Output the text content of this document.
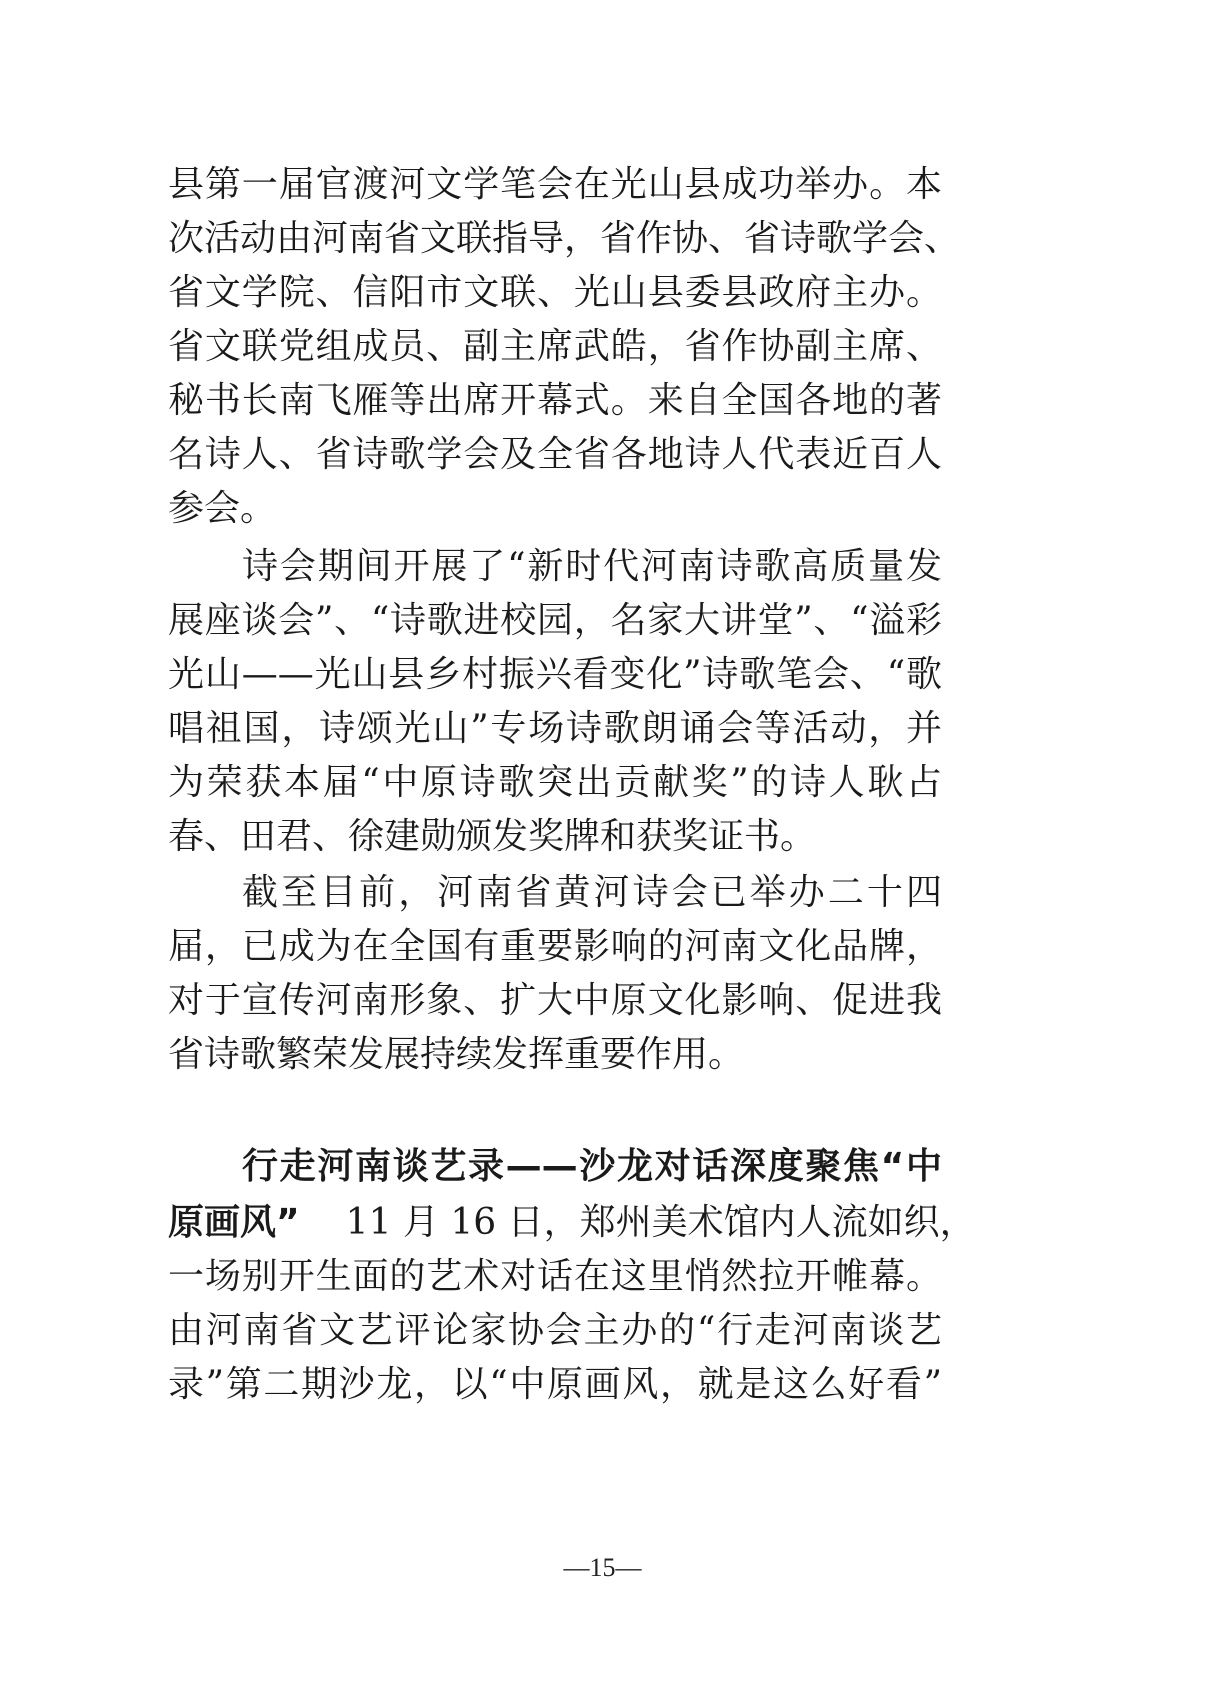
县第一届官渡河文学笔会在光山县成功举办。本
次活动由河南省文联指导，省作协、省诗歌学会、
省文学院、信阳市文联、光山县委县政府主办。
省文联党组成员、副主席武皓，省作协副主席、
秘书长南飞雁等出席开幕式。来自全国各地的著
名诗人、省诗歌学会及全省各地诗人代表近百人
参会。
诗会期间开展了“新时代河南诗歌高质量发
展座谈会”、“诗歌进校园，名家大讲堂”、“溢彩
光山——光山县乡村振兴看变化”诗歌笔会、“歌
唱祖国，诗颂光山”专场诗歌朗诵会等活动，并
为荣获本届“中原诗歌突出贡献奖”的诗人耿占
春、田君、徐建勋颁发奖牌和获奖证书。
截至目前，河南省黄河诗会已举办二十四
届，已成为在全国有重要影响的河南文化品牌，
对于宣传河南形象、扩大中原文化影响、促进我
省诗歌繁荣发展持续发挥重要作用。
行走河南谈艺录——沙龙对话深度聚焦“中
原画风” 11 月 16 日，郑州美术馆内人流如织，
一场别开生面的艺术对话在这里悄然拉开帷幕。
由河南省文艺评论家协会主办的“行走河南谈艺
录”第二期沙龙，以“中原画风，就是这么好看”
—15—
